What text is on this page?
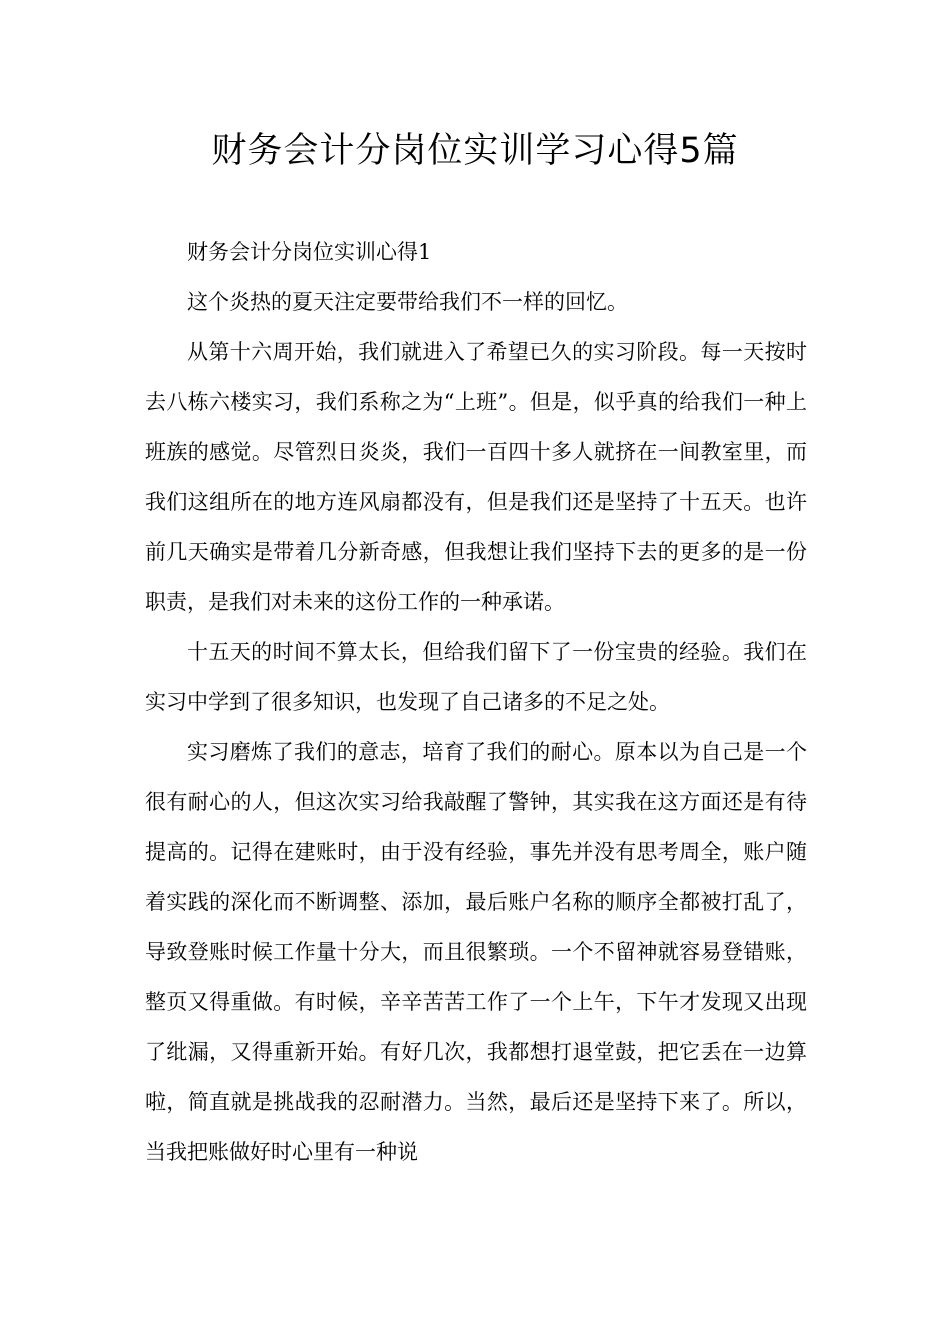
财务会计分岗位实训学习心得5篇

财务会计分岗位实训心得1

这个炎热的夏天注定要带给我们不一样的回忆。

从第十六周开始，我们就进入了希望已久的实习阶段。每一天按时去八栋六楼实习，我们系称之为“上班”。但是，似乎真的给我们一种上班族的感觉。尽管烈日炎炎，我们一百四十多人就挤在一间教室里，而我们这组所在的地方连风扇都没有，但是我们还是坚持了十五天。也许前几天确实是带着几分新奇感，但我想让我们坚持下去的更多的是一份职责，是我们对未来的这份工作的一种承诺。

十五天的时间不算太长，但给我们留下了一份宝贵的经验。我们在实习中学到了很多知识，也发现了自己诸多的不足之处。

实习磨炼了我们的意志，培育了我们的耐心。原本以为自己是一个很有耐心的人，但这次实习给我敲醒了警钟，其实我在这方面还是有待提高的。记得在建账时，由于没有经验，事先并没有思考周全，账户随着实践的深化而不断调整、添加，最后账户名称的顺序全都被打乱了，导致登账时候工作量十分大，而且很繁琐。一个不留神就容易登错账，整页又得重做。有时候，辛辛苦苦工作了一个上午，下午才发现又出现了纰漏，又得重新开始。有好几次，我都想打退堂鼓，把它丢在一边算啦，简直就是挑战我的忍耐潜力。当然，最后还是坚持下来了。所以，当我把账做好时心里有一种说
